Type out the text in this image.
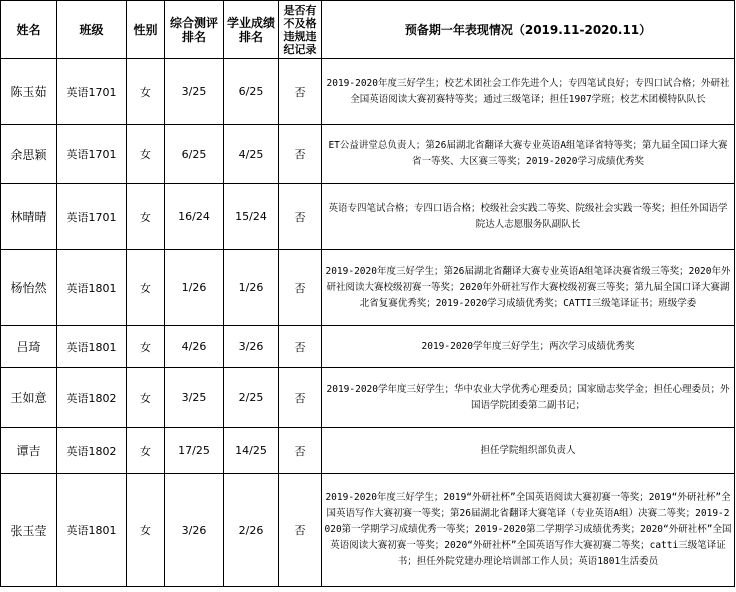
姓名	班级	性别	综合测评排名	学业成绩排名	是否有不及格违规违纪记录	预备期一年表现情况（2019.11-2020.11）
陈玉茹	英语1701	女	3/25	6/25	否	2019-2020年度三好学生；校艺术团社会工作先进个人；专四笔试良好；专四口试合格；外研社全国英语阅读大赛初赛特等奖；通过三级笔译；担任1907学班；校艺术团模特队队长
余思颖	英语1701	女	6/25	4/25	否	ET公益讲堂总负责人；第26届湖北省翻译大赛专业英语A组笔译省特等奖；第九届全国口译大赛省一等奖、大区赛三等奖；2019-2020学习成绩优秀奖
林晴晴	英语1701	女	16/24	15/24	否	英语专四笔试合格；专四口语合格；校级社会实践二等奖、院级社会实践一等奖；担任外国语学院达人志愿服务队副队长
杨怡然	英语1801	女	1/26	1/26	否	2019-2020年度三好学生；第26届湖北省翻译大赛专业英语A组笔译决赛省级三等奖；2020年外研社阅读大赛校级初赛一等奖；2020年外研社写作大赛校级初赛三等奖；第九届全国口译大赛湖北省复赛优秀奖；2019-2020学习成绩优秀奖；CATTI三级笔译证书；班级学委
吕琦	英语1801	女	4/26	3/26	否	2019-2020学年度三好学生；两次学习成绩优秀奖
王如意	英语1802	女	3/25	2/25	否	2019-2020学年度三好学生；华中农业大学优秀心理委员；国家励志奖学金；担任心理委员；外国语学院团委第二副书记；
谭吉	英语1802	女	17/25	14/25	否	担任学院组织部负责人
张玉莹	英语1801	女	3/26	2/26	否	2019-2020年度三好学生；2019“外研社杯”全国英语阅读大赛初赛一等奖；2019“外研社杯”全国英语写作大赛初赛一等奖；第26届湖北省翻译大赛笔译（专业英语A组）决赛二等奖；2019-2020第一学期学习成绩优秀一等奖；2019-2020第二学期学习成绩优秀奖；2020“外研社杯”全国英语阅读大赛初赛一等奖；2020“外研社杯”全国英语写作大赛初赛二等奖；catti三级笔译证书；担任外院党建办理论培训部工作人员；英语1801生活委员
